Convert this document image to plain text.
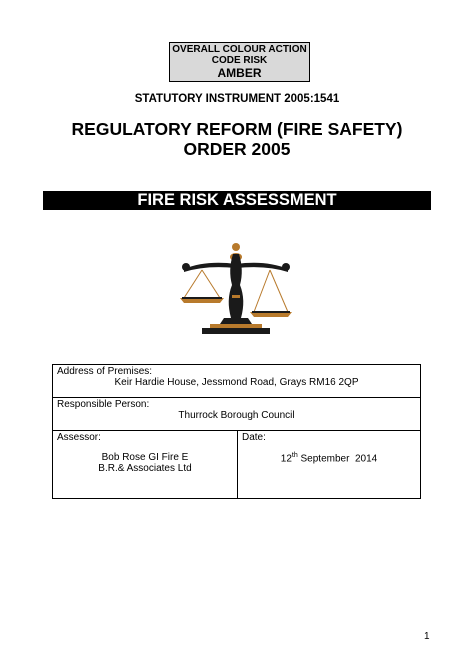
OVERALL COLOUR ACTION
CODE RISK
AMBER
STATUTORY INSTRUMENT 2005:1541
REGULATORY REFORM (FIRE SAFETY)
ORDER 2005
FIRE RISK ASSESSMENT
Address of Premises:
Keir Hardie House, Jessmond Road, Grays RM16 2QP

Responsible Person:
Thurrock Borough Council

Assessor:
Bob Rose GI Fire E
B.R.& Associates Ltd

Date:
12th September  2014
1
